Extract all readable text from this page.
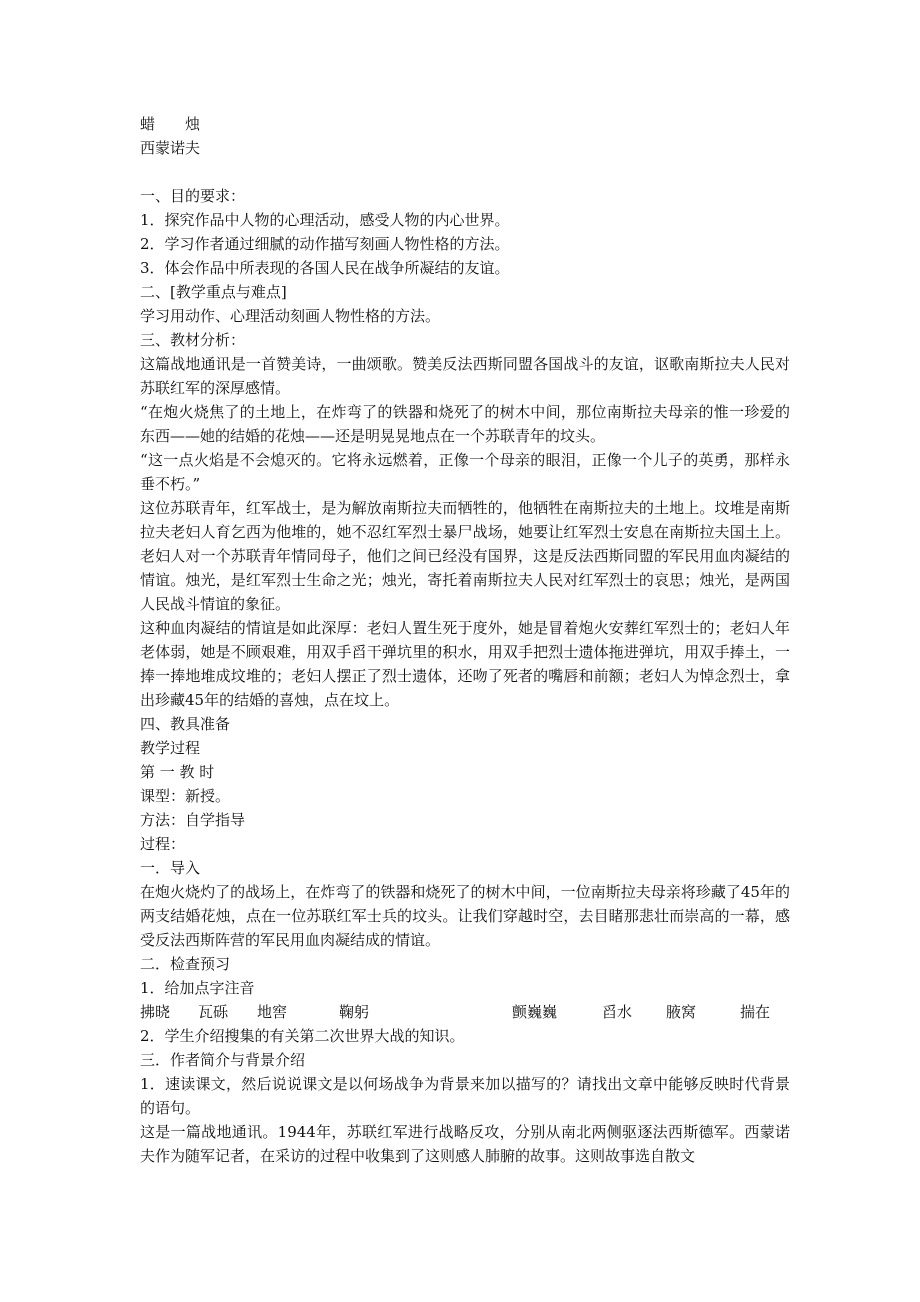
蜡 烛
西蒙诺夫
一、目的要求：
1．探究作品中人物的心理活动，感受人物的内心世界。
2．学习作者通过细腻的动作描写刻画人物性格的方法。
3．体会作品中所表现的各国人民在战争所凝结的友谊。
二、[教学重点与难点]
学习用动作、心理活动刻画人物性格的方法。
三、教材分析：
这篇战地通讯是一首赞美诗，一曲颂歌。赞美反法西斯同盟各国战斗的友谊，讴歌南斯拉夫人民对苏联红军的深厚感情。
“在炮火烧焦了的土地上，在炸弯了的铁器和烧死了的树木中间，那位南斯拉夫母亲的惟一珍爱的东西——她的结婚的花烛——还是明晃晃地点在一个苏联青年的坟头。
“这一点火焰是不会熄灭的。它将永远燃着，正像一个母亲的眼泪，正像一个儿子的英勇，那样永垂不朽。”
这位苏联青年，红军战士，是为解放南斯拉夫而牺牲的，他牺牲在南斯拉夫的土地上。坟堆是南斯拉夫老妇人育乞西为他堆的，她不忍红军烈士暴尸战场，她要让红军烈士安息在南斯拉夫国土上。老妇人对一个苏联青年情同母子，他们之间已经没有国界，这是反法西斯同盟的军民用血肉凝结的情谊。烛光，是红军烈士生命之光；烛光，寄托着南斯拉夫人民对红军烈士的哀思；烛光，是两国人民战斗情谊的象征。
这种血肉凝结的情谊是如此深厚：老妇人置生死于度外，她是冒着炮火安葬红军烈士的；老妇人年老体弱，她是不顾艰难，用双手舀干弹坑里的积水，用双手把烈士遗体拖进弹坑，用双手捧土，一捧一捧地堆成坟堆的；老妇人摆正了烈士遗体，还吻了死者的嘴唇和前额；老妇人为悼念烈士，拿出珍藏45年的结婚的喜烛，点在坟上。
四、教具准备
教学过程
第 一 教 时
课型：新授。
方法：自学指导
过程：
一．导入
在炮火烧灼了的战场上，在炸弯了的铁器和烧死了的树木中间，一位南斯拉夫母亲将珍藏了45年的两支结婚花烛，点在一位苏联红军士兵的坟头。让我们穿越时空，去目睹那悲壮而崇高的一幕，感受反法西斯阵营的军民用血肉凝结成的情谊。
二．检查预习
1．给加点字注音
拂晓 瓦砾 地窖	鞠躬	颤巍巍	舀水 腋窝	揣在
2．学生介绍搜集的有关第二次世界大战的知识。
三．作者简介与背景介绍
1．速读课文，然后说说课文是以何场战争为背景来加以描写的？请找出文章中能够反映时代背景的语句。
这是一篇战地通讯。1944年，苏联红军进行战略反攻，分别从南北两侧驱逐法西斯德军。西蒙诺夫作为随军记者，在采访的过程中收集到了这则感人肺腑的故事。这则故事选自散文
